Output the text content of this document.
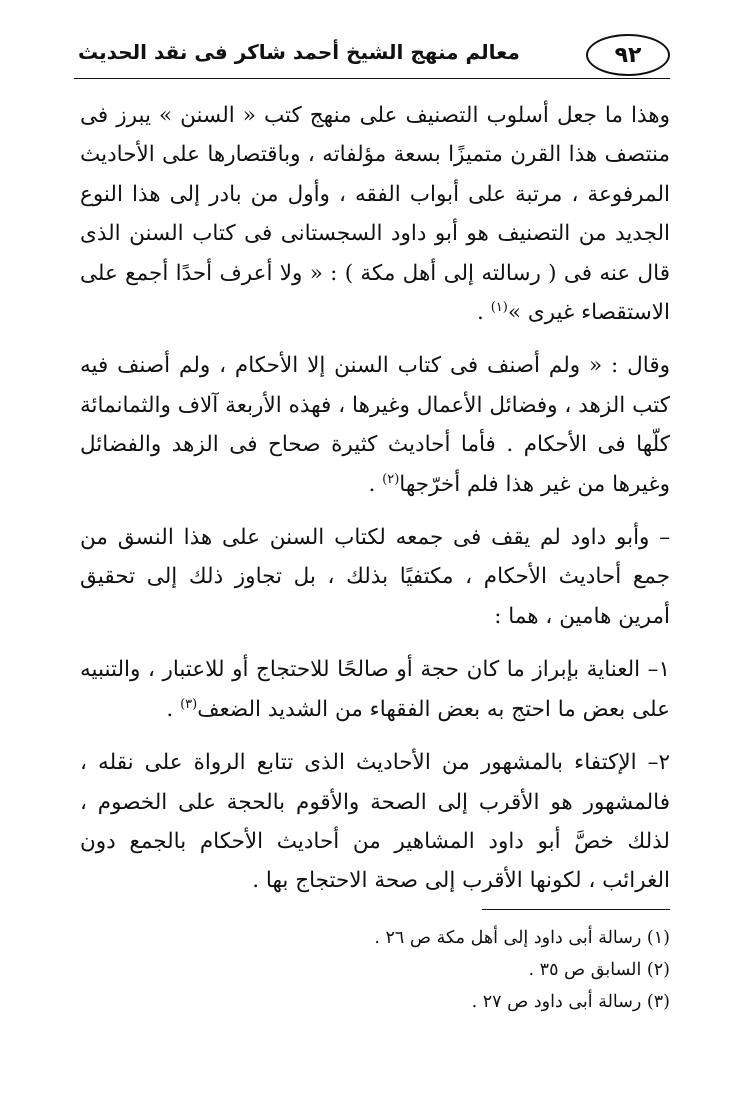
معالم منهج الشيخ أحمد شاكر فى نقد الحديث	٩٢

وهذا ما جعل أسلوب التصنيف على منهج كتب « السنن » يبرز فى منتصف هذا القرن متميزًا بسعة مؤلفاته ، وباقتصارها على الأحاديث المرفوعة ، مرتبة على أبواب الفقه ، وأول من بادر إلى هذا النوع الجديد من التصنيف هو أبو داود السجستانى فى كتاب السنن الذى قال عنه فى ( رسالته إلى أهل مكة ) : « ولا أعرف أحدًا أجمع على الاستقصاء غيرى »$^{(١)}$ .

وقال : « ولم أصنف فى كتاب السنن إلا الأحكام ، ولم أصنف فيه كتب الزهد ، وفضائل الأعمال وغيرها ، فهذه الأربعة آلاف والثمانمائة كلّها فى الأحكام . فأما أحاديث كثيرة صحاح فى الزهد والفضائل وغيرها من غير هذا فلم أخرّجها$^{(٢)}$ .

– وأبو داود لم يقف فى جمعه لكتاب السنن على هذا النسق من جمع أحاديث الأحكام ، مكتفيًا بذلك ، بل تجاوز ذلك إلى تحقيق أمرين هامين ، هما :

١– العناية بإبراز ما كان حجة أو صالحًا للاحتجاج أو للاعتبار ، والتنبيه على بعض ما احتج به بعض الفقهاء من الشديد الضعف$^{(٣)}$ .

٢– الإكتفاء بالمشهور من الأحاديث الذى تتابع الرواة على نقله ، فالمشهور هو الأقرب إلى الصحة والأقوم بالحجة على الخصوم ، لذلك خصَّ أبو داود المشاهير من أحاديث الأحكام بالجمع دون الغرائب ، لكونها الأقرب إلى صحة الاحتجاج بها .

(١) رسالة أبى داود إلى أهل مكة ص ٢٦ .
(٢) السابق ص ٣٥ .
(٣) رسالة أبى داود ص ٢٧ .
